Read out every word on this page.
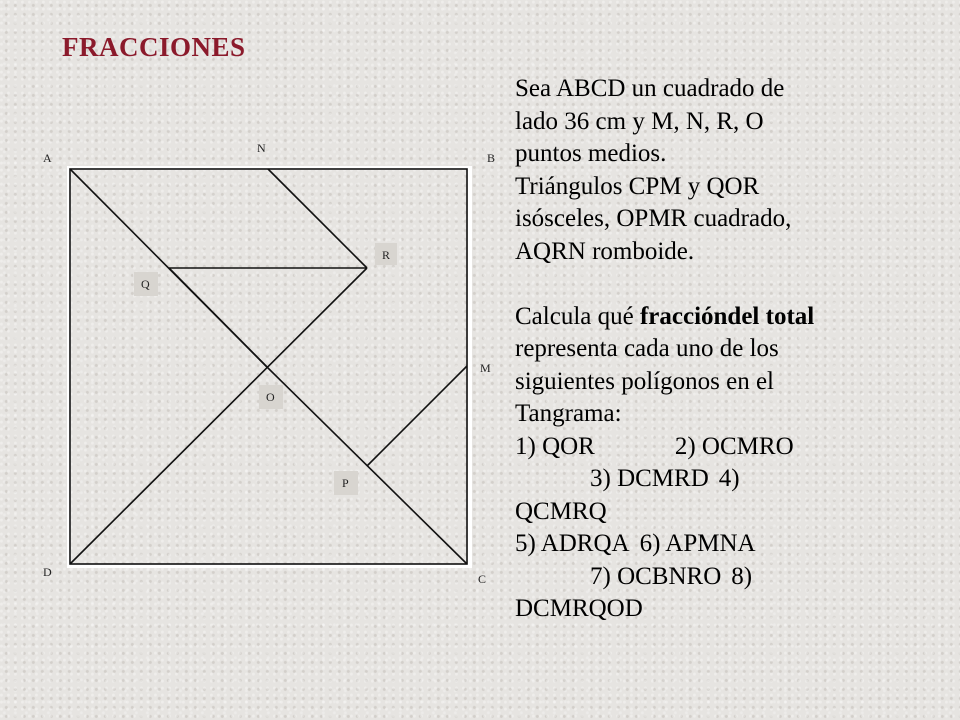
FRACCIONES
A
N
B
R
Q
M
O
P
D	C

Sea ABCD un cuadrado de

lado 36 cm y M, N, R, O

puntos medios.

Triángulos CPM y QOR

isósceles, OPMR cuadrado,

AQRN romboide.

Calcula qué fraccióndel total

representa cada uno de los

siguientes polígonos en el

Tangrama:

1) QOR	2) OCMRO

3) DCMRD 4)

QCMRQ

5) ADRQA 6) APMNA

7) OCBNRO 8)

DCMRQOD
